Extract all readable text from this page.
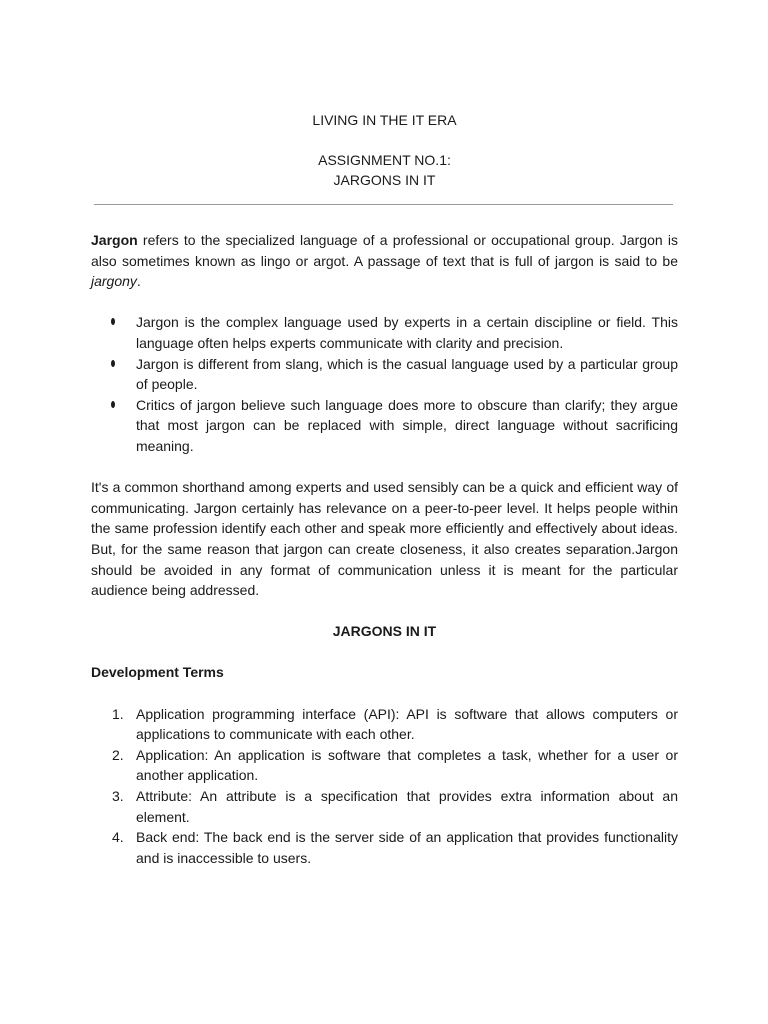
LIVING IN THE IT ERA

ASSIGNMENT NO.1:

JARGONS IN IT

Jargon refers to the specialized language of a professional or occupational group. Jargon is also sometimes known as lingo or argot. A passage of text that is full of jargon is said to be jargony.

Jargon is the complex language used by experts in a certain discipline or field. This language often helps experts communicate with clarity and precision.
Jargon is different from slang, which is the casual language used by a particular group of people.
Critics of jargon believe such language does more to obscure than clarify; they argue that most jargon can be replaced with simple, direct language without sacrificing meaning.

It's a common shorthand among experts and used sensibly can be a quick and efficient way of communicating. Jargon certainly has relevance on a peer-to-peer level. It helps people within the same profession identify each other and speak more efficiently and effectively about ideas. But, for the same reason that jargon can create closeness, it also creates separation.Jargon should be avoided in any format of communication unless it is meant for the particular audience being addressed.

JARGONS IN IT
Development Terms
1. Application programming interface (API): API is software that allows computers or applications to communicate with each other.
2. Application: An application is software that completes a task, whether for a user or another application.
3. Attribute: An attribute is a specification that provides extra information about an element.
4. Back end: The back end is the server side of an application that provides functionality and is inaccessible to users.
